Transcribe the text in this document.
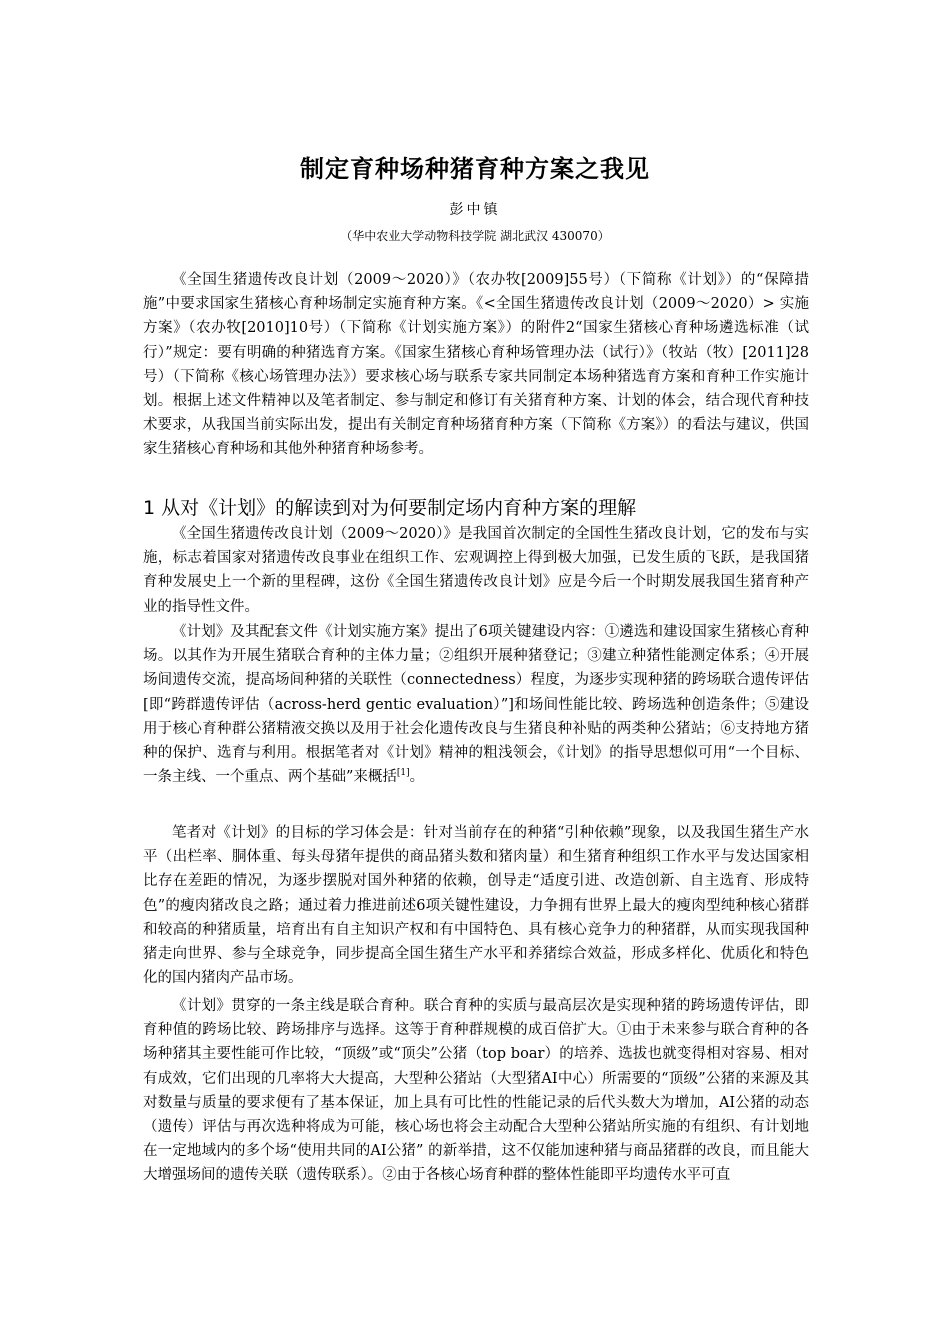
制定育种场种猪育种方案之我见
彭中镇
（华中农业大学动物科技学院 湖北武汉 430070）

《全国生猪遗传改良计划（2009～2020）》（农办牧[2009]55号）（下简称《计划》）的“保障措施”中要求国家生猪核心育种场制定实施育种方案。《<全国生猪遗传改良计划（2009～2020）> 实施方案》（农办牧[2010]10号）（下简称《计划实施方案》）的附件2“国家生猪核心育种场遴选标准（试行）”规定：要有明确的种猪选育方案。《国家生猪核心育种场管理办法（试行）》（牧站（牧）[2011]28号）（下简称《核心场管理办法》）要求核心场与联系专家共同制定本场种猪选育方案和育种工作实施计划。根据上述文件精神以及笔者制定、参与制定和修订有关猪育种方案、计划的体会，结合现代育种技术要求，从我国当前实际出发，提出有关制定育种场猪育种方案（下简称《方案》）的看法与建议，供国家生猪核心育种场和其他外种猪育种场参考。

1 从对《计划》的解读到对为何要制定场内育种方案的理解

《全国生猪遗传改良计划（2009～2020）》是我国首次制定的全国性生猪改良计划，它的发布与实施，标志着国家对猪遗传改良事业在组织工作、宏观调控上得到极大加强，已发生质的飞跃，是我国猪育种发展史上一个新的里程碑，这份《全国生猪遗传改良计划》应是今后一个时期发展我国生猪育种产业的指导性文件。

《计划》及其配套文件《计划实施方案》提出了6项关键建设内容：①遴选和建设国家生猪核心育种场。以其作为开展生猪联合育种的主体力量；②组织开展种猪登记；③建立种猪性能测定体系；④开展场间遗传交流，提高场间种猪的关联性（connectedness）程度，为逐步实现种猪的跨场联合遗传评估[即“跨群遗传评估（across-herd gentic evaluation）”]和场间性能比较、跨场选种创造条件；⑤建设用于核心育种群公猪精液交换以及用于社会化遗传改良与生猪良种补贴的两类种公猪站；⑥支持地方猪种的保护、选育与利用。根据笔者对《计划》精神的粗浅领会，《计划》的指导思想似可用“一个目标、一条主线、一个重点、两个基础”来概括[1]。

笔者对《计划》的目标的学习体会是：针对当前存在的种猪“引种依赖”现象，以及我国生猪生产水平（出栏率、胴体重、每头母猪年提供的商品猪头数和猪肉量）和生猪育种组织工作水平与发达国家相比存在差距的情况，为逐步摆脱对国外种猪的依赖，创导走“适度引进、改造创新、自主选育、形成特色”的瘦肉猪改良之路；通过着力推进前述6项关键性建设，力争拥有世界上最大的瘦肉型纯种核心猪群和较高的种猪质量，培育出有自主知识产权和有中国特色、具有核心竞争力的种猪群，从而实现我国种猪走向世界、参与全球竞争，同步提高全国生猪生产水平和养猪综合效益，形成多样化、优质化和特色化的国内猪肉产品市场。

《计划》贯穿的一条主线是联合育种。联合育种的实质与最高层次是实现种猪的跨场遗传评估，即育种值的跨场比较、跨场排序与选择。这等于育种群规模的成百倍扩大。①由于未来参与联合育种的各场种猪其主要性能可作比较，“顶级”或“顶尖”公猪（top boar）的培养、选拔也就变得相对容易、相对有成效，它们出现的几率将大大提高，大型种公猪站（大型猪AI中心）所需要的“顶级”公猪的来源及其对数量与质量的要求便有了基本保证，加上具有可比性的性能记录的后代头数大为增加，AI公猪的动态（遗传）评估与再次选种将成为可能，核心场也将会主动配合大型种公猪站所实施的有组织、有计划地在一定地域内的多个场“使用共同的AI公猪” 的新举措，这不仅能加速种猪与商品猪群的改良，而且能大大增强场间的遗传关联（遗传联系）。②由于各核心场育种群的整体性能即平均遗传水平可直
